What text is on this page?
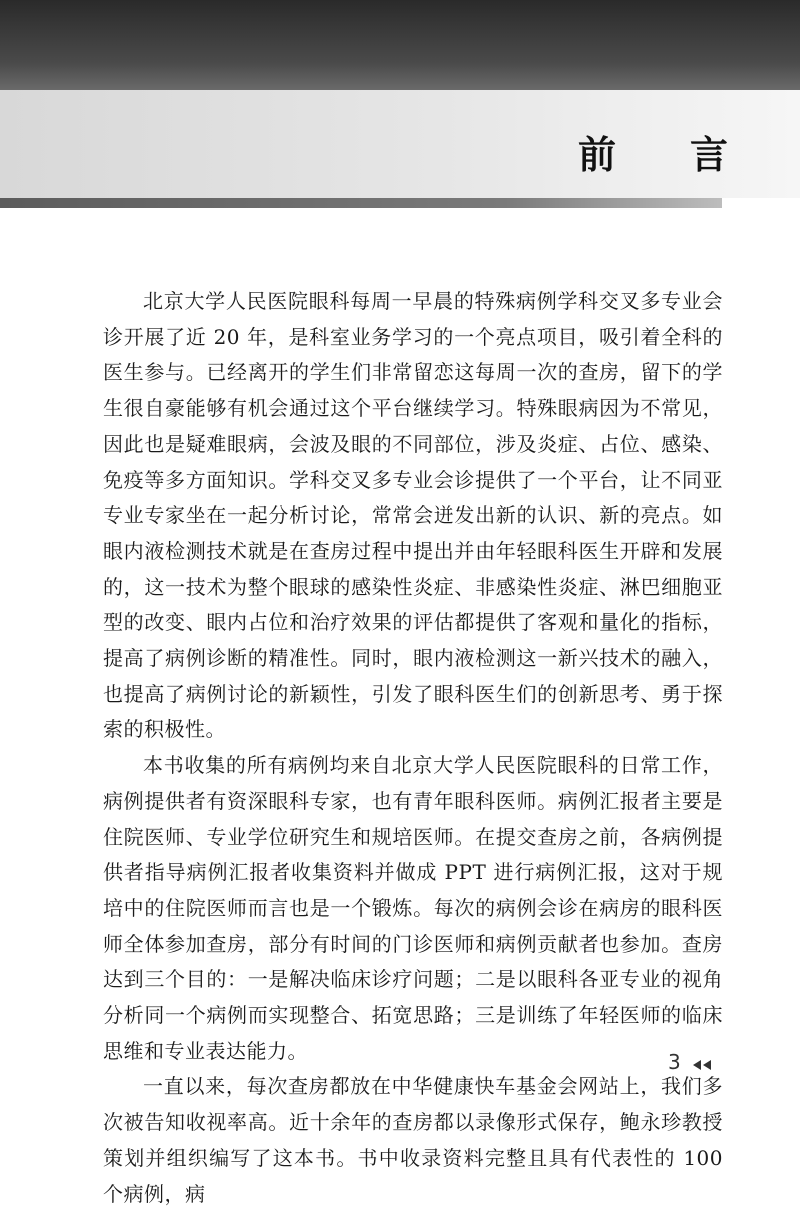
前 言

北京大学人民医院眼科每周一早晨的特殊病例学科交叉多专业会诊开展了近 20 年，是科室业务学习的一个亮点项目，吸引着全科的医生参与。已经离开的学生们非常留恋这每周一次的查房，留下的学生很自豪能够有机会通过这个平台继续学习。特殊眼病因为不常见，因此也是疑难眼病，会波及眼的不同部位，涉及炎症、占位、感染、免疫等多方面知识。学科交叉多专业会诊提供了一个平台，让不同亚专业专家坐在一起分析讨论，常常会迸发出新的认识、新的亮点。如眼内液检测技术就是在查房过程中提出并由年轻眼科医生开辟和发展的，这一技术为整个眼球的感染性炎症、非感染性炎症、淋巴细胞亚型的改变、眼内占位和治疗效果的评估都提供了客观和量化的指标，提高了病例诊断的精准性。同时，眼内液检测这一新兴技术的融入，也提高了病例讨论的新颖性，引发了眼科医生们的创新思考、勇于探索的积极性。

本书收集的所有病例均来自北京大学人民医院眼科的日常工作，病例提供者有资深眼科专家，也有青年眼科医师。病例汇报者主要是住院医师、专业学位研究生和规培医师。在提交查房之前，各病例提供者指导病例汇报者收集资料并做成 PPT 进行病例汇报，这对于规培中的住院医师而言也是一个锻炼。每次的病例会诊在病房的眼科医师全体参加查房，部分有时间的门诊医师和病例贡献者也参加。查房达到三个目的：一是解决临床诊疗问题；二是以眼科各亚专业的视角分析同一个病例而实现整合、拓宽思路；三是训练了年轻医师的临床思维和专业表达能力。

一直以来，每次查房都放在中华健康快车基金会网站上，我们多次被告知收视率高。近十余年的查房都以录像形式保存，鲍永珍教授策划并组织编写了这本书。书中收录资料完整且具有代表性的 100 个病例，病

3
